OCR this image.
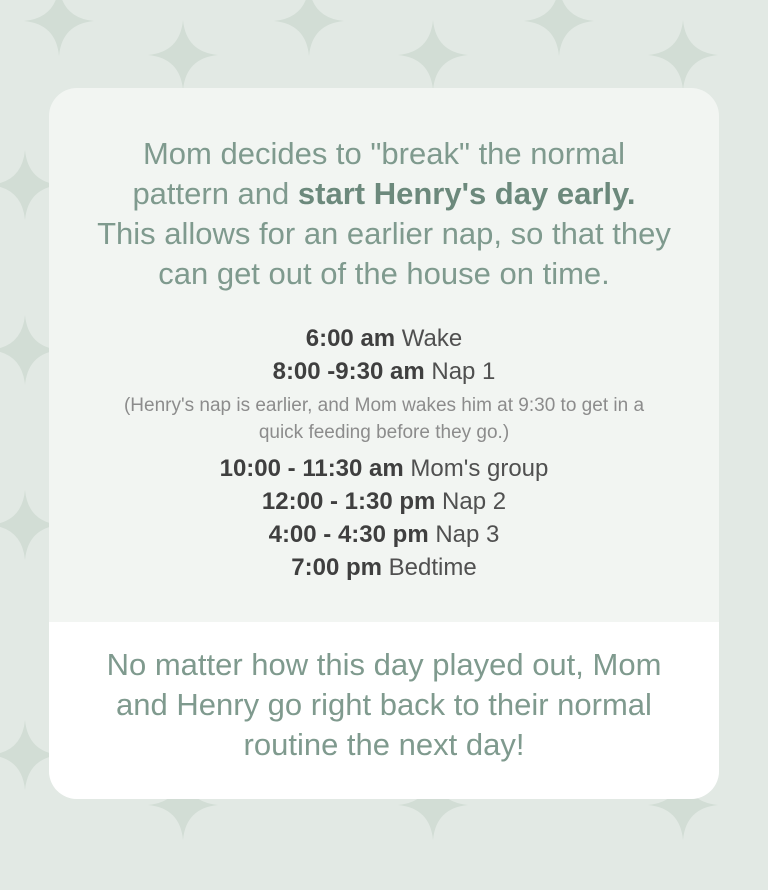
Mom decides to "break" the normal
pattern and start Henry's day early.
This allows for an earlier nap, so that they
can get out of the house on time.
6:00 am Wake
8:00 -9:30 am Nap 1
(Henry's nap is earlier, and Mom wakes him at 9:30 to get in a
quick feeding before they go.)
10:00 - 11:30 am Mom's group
12:00 - 1:30 pm Nap 2
4:00 - 4:30 pm Nap 3
7:00 pm Bedtime
No matter how this day played out, Mom
and Henry go right back to their normal
routine the next day!
